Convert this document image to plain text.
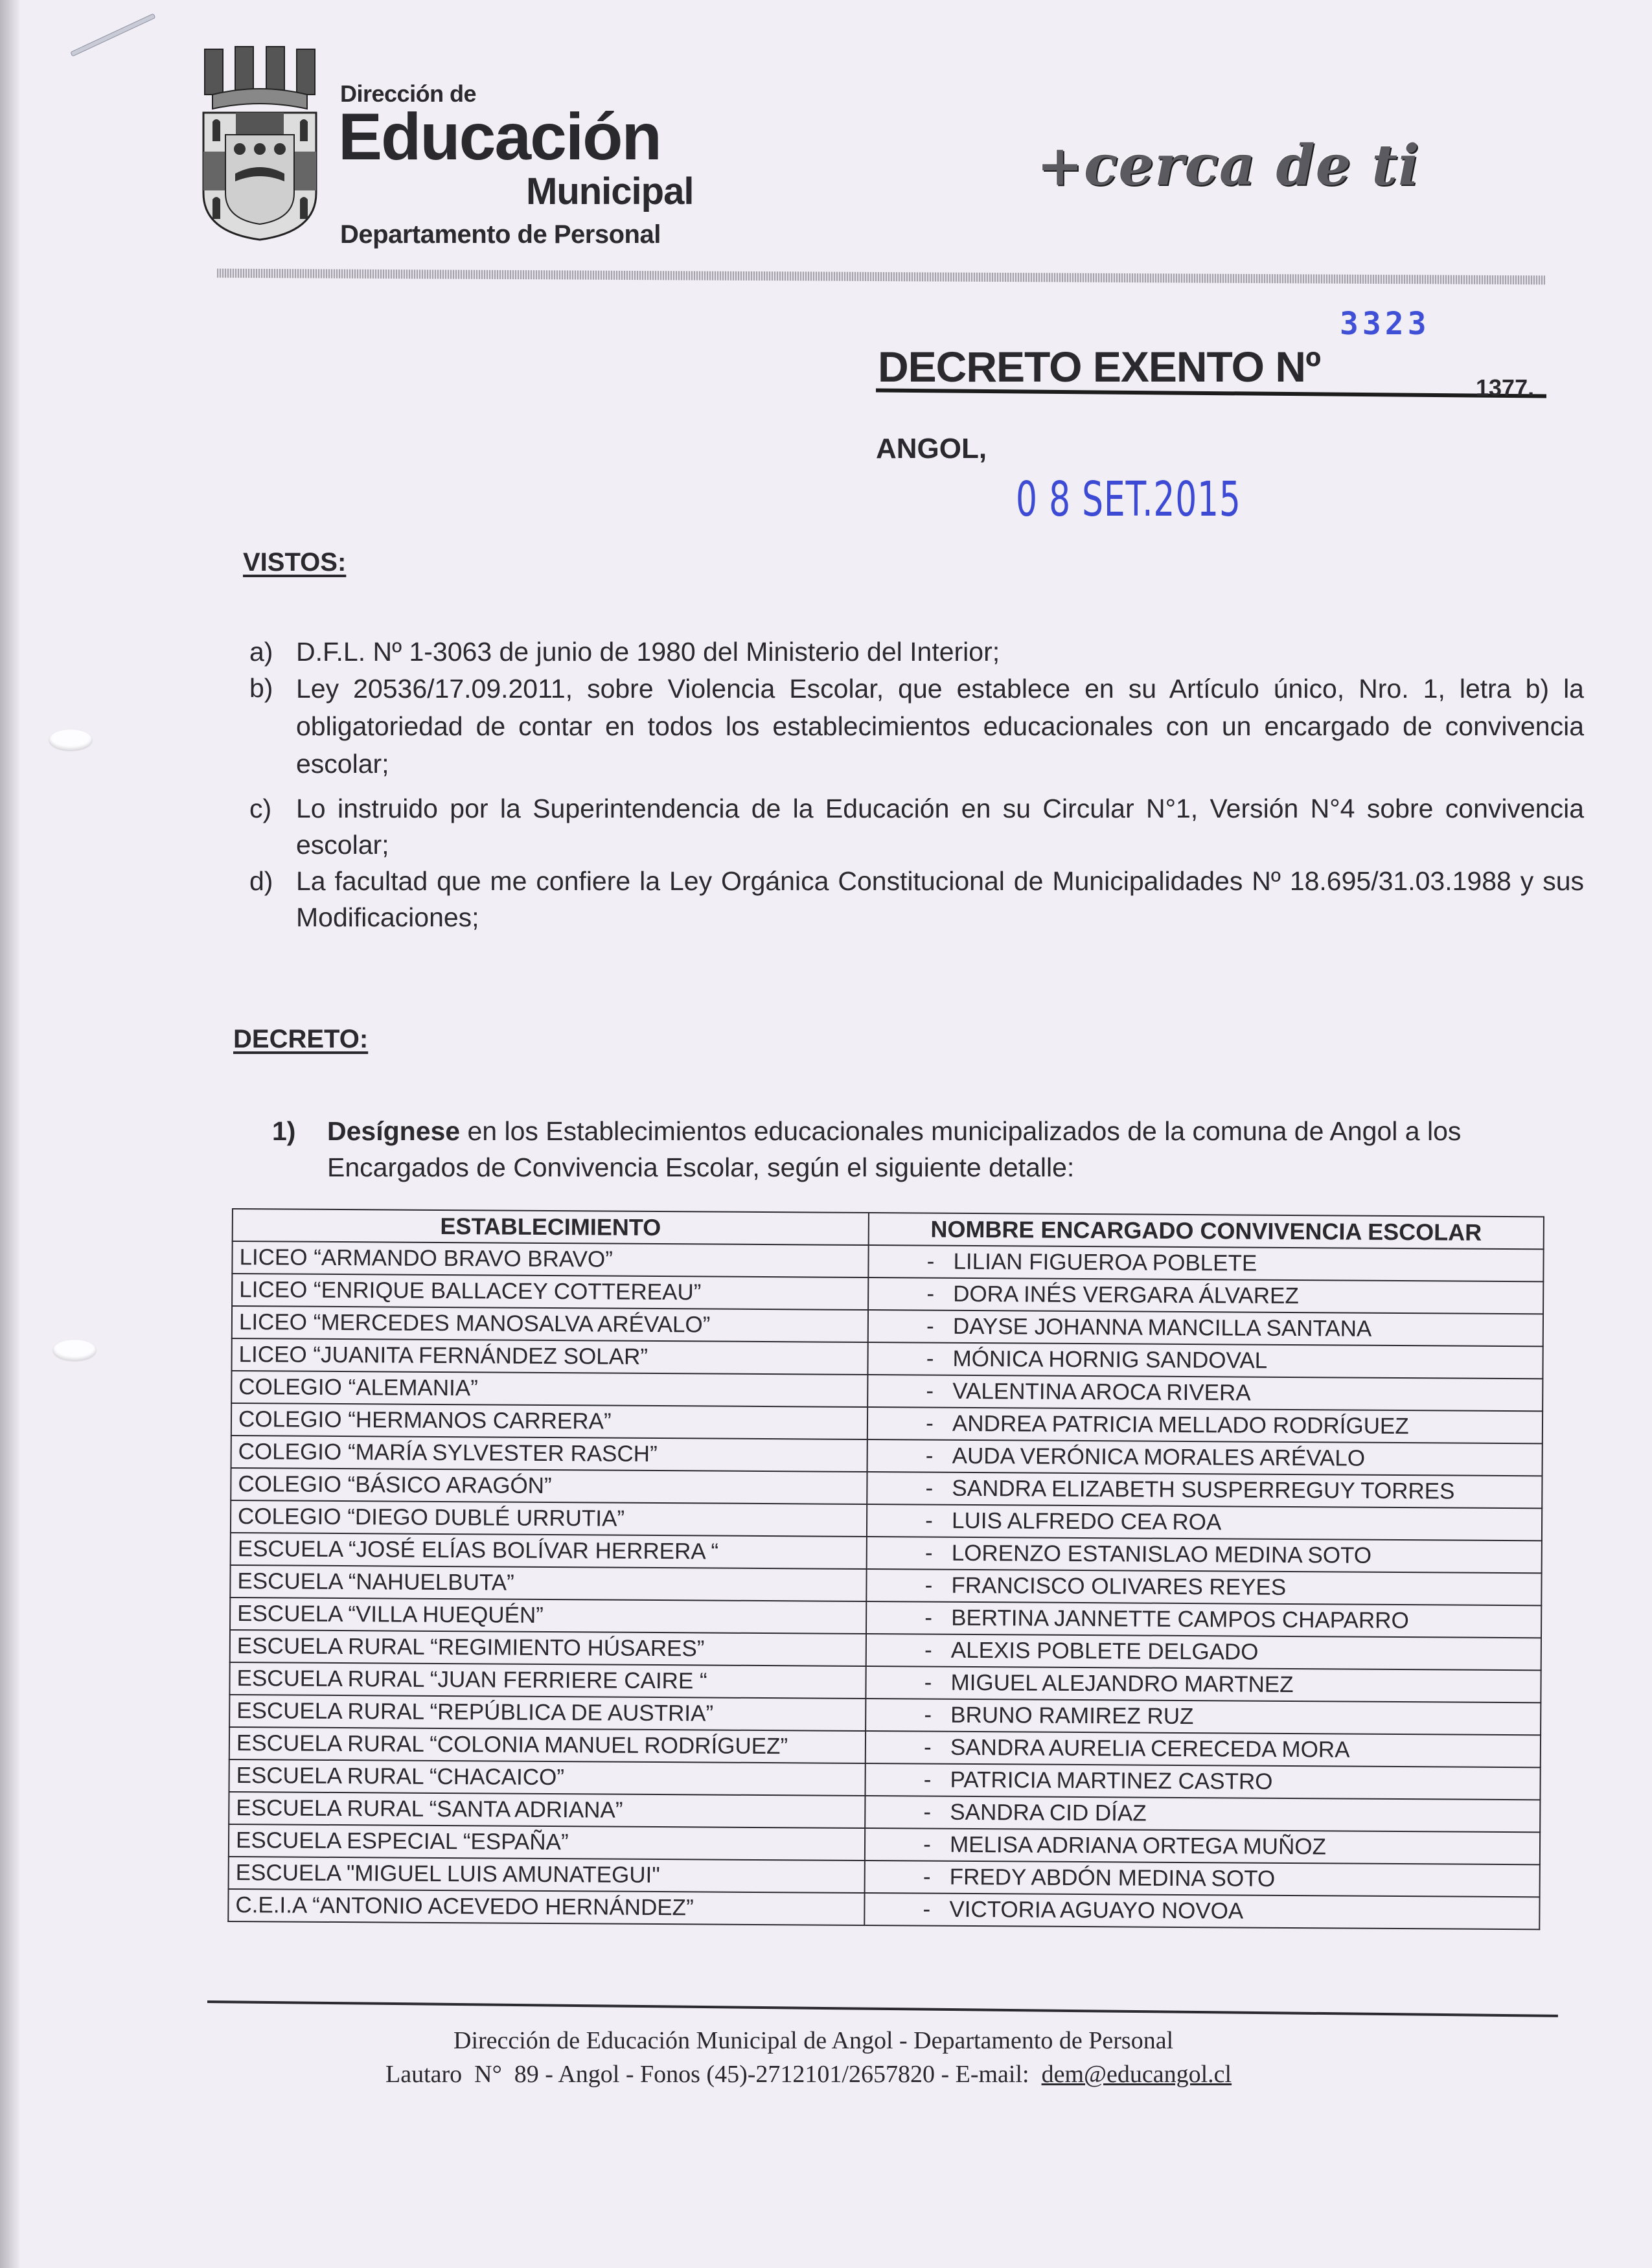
Dirección de
Educación
Municipal
Departamento de Personal
+cerca de ti
3323
DECRETO EXENTO Nº	1377.
ANGOL,
0 8 SET.2015
VISTOS:
a) D.F.L. Nº 1-3063 de junio de 1980 del Ministerio del Interior;
b) Ley 20536/17.09.2011, sobre Violencia Escolar, que establece en su Artículo único, Nro. 1, letra b) la obligatoriedad de contar en todos los establecimientos educacionales con un encargado de convivencia escolar;
c) Lo instruido por la Superintendencia de la Educación en su Circular N°1, Versión N°4 sobre convivencia escolar;
d) La facultad que me confiere la Ley Orgánica Constitucional de Municipalidades Nº 18.695/31.03.1988 y sus Modificaciones;
DECRETO:
1)	Desígnese en los Establecimientos educacionales municipalizados de la comuna de Angol a los Encargados de Convivencia Escolar, según el siguiente detalle:
ESTABLECIMIENTO	NOMBRE ENCARGADO CONVIVENCIA ESCOLAR
LICEO “ARMANDO BRAVO BRAVO”	- LILIAN FIGUEROA POBLETE
LICEO “ENRIQUE BALLACEY COTTEREAU”	- DORA INÉS VERGARA ÁLVAREZ
LICEO “MERCEDES MANOSALVA ARÉVALO”	- DAYSE JOHANNA MANCILLA SANTANA
LICEO “JUANITA FERNÁNDEZ SOLAR”	- MÓNICA HORNIG SANDOVAL
COLEGIO “ALEMANIA”	- VALENTINA AROCA RIVERA
COLEGIO “HERMANOS CARRERA”	- ANDREA PATRICIA MELLADO RODRÍGUEZ
COLEGIO “MARÍA SYLVESTER RASCH”	- AUDA VERÓNICA MORALES ARÉVALO
COLEGIO “BÁSICO ARAGÓN”	- SANDRA ELIZABETH SUSPERREGUY TORRES
COLEGIO “DIEGO DUBLÉ URRUTIA”	- LUIS ALFREDO CEA ROA
ESCUELA “JOSÉ ELÍAS BOLÍVAR HERRERA “	- LORENZO ESTANISLAO MEDINA SOTO
ESCUELA “NAHUELBUTA”	- FRANCISCO OLIVARES REYES
ESCUELA “VILLA HUEQUÉN”	- BERTINA JANNETTE CAMPOS CHAPARRO
ESCUELA RURAL “REGIMIENTO HÚSARES”	- ALEXIS POBLETE DELGADO
ESCUELA RURAL “JUAN FERRIERE CAIRE “	- MIGUEL ALEJANDRO MARTNEZ
ESCUELA RURAL “REPÚBLICA DE AUSTRIA”	- BRUNO RAMIREZ RUZ
ESCUELA RURAL “COLONIA MANUEL RODRÍGUEZ”	- SANDRA AURELIA CERECEDA MORA
ESCUELA RURAL “CHACAICO”	- PATRICIA MARTINEZ CASTRO
ESCUELA RURAL “SANTA ADRIANA”	- SANDRA CID DÍAZ
ESCUELA ESPECIAL “ESPAÑA”	- MELISA ADRIANA ORTEGA MUÑOZ
ESCUELA "MIGUEL LUIS AMUNATEGUI"	- FREDY ABDÓN MEDINA SOTO
C.E.I.A “ANTONIO ACEVEDO HERNÁNDEZ”	- VICTORIA AGUAYO NOVOA
Dirección de Educación Municipal de Angol - Departamento de Personal
Lautaro  N°  89 - Angol - Fonos (45)-2712101/2657820 - E-mail:  dem@educangol.cl
